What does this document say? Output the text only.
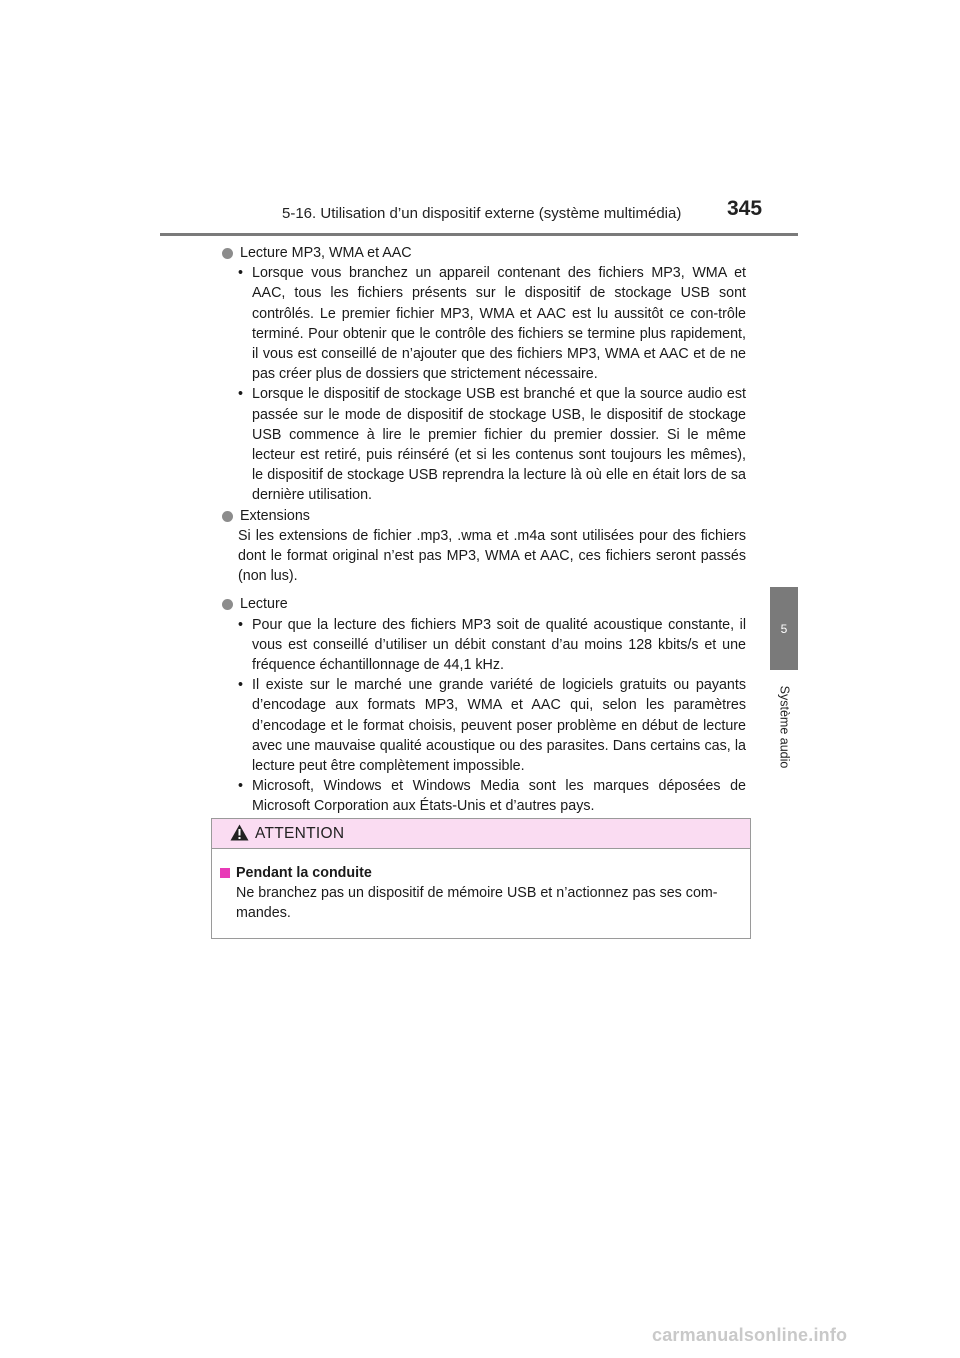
5-16. Utilisation d’un dispositif externe (système multimédia) 345
5
Système audio

Lecture MP3, WMA et AAC

• Lorsque vous branchez un appareil contenant des fichiers MP3, WMA et AAC, tous les fichiers présents sur le dispositif de stockage USB sont contrôlés. Le premier fichier MP3, WMA et AAC est lu aussitôt ce con-trôle terminé. Pour obtenir que le contrôle des fichiers se termine plus rapidement, il vous est conseillé de n’ajouter que des fichiers MP3, WMA et AAC et de ne pas créer plus de dossiers que strictement nécessaire.
• Lorsque le dispositif de stockage USB est branché et que la source audio est passée sur le mode de dispositif de stockage USB, le dispositif de stockage USB commence à lire le premier fichier du premier dossier. Si le même lecteur est retiré, puis réinséré (et si les contenus sont toujours les mêmes), le dispositif de stockage USB reprendra la lecture là où elle en était lors de sa dernière utilisation.

Extensions

Si les extensions de fichier .mp3, .wma et .m4a sont utilisées pour des fichiers dont le format original n’est pas MP3, WMA et AAC, ces fichiers seront passés (non lus).

Lecture

• Pour que la lecture des fichiers MP3 soit de qualité acoustique constante, il vous est conseillé d’utiliser un débit constant d’au moins 128 kbits/s et une fréquence échantillonnage de 44,1 kHz.
• Il existe sur le marché une grande variété de logiciels gratuits ou payants d’encodage aux formats MP3, WMA et AAC qui, selon les paramètres d’encodage et le format choisis, peuvent poser problème en début de lecture avec une mauvaise qualité acoustique ou des parasites. Dans certains cas, la lecture peut être complètement impossible.
• Microsoft, Windows et Windows Media sont les marques déposées de Microsoft Corporation aux États-Unis et d’autres pays.
ATTENTION
Pendant la conduite
Ne branchez pas un dispositif de mémoire USB et n’actionnez pas ses com-mandes.
carmanualsonline.info
